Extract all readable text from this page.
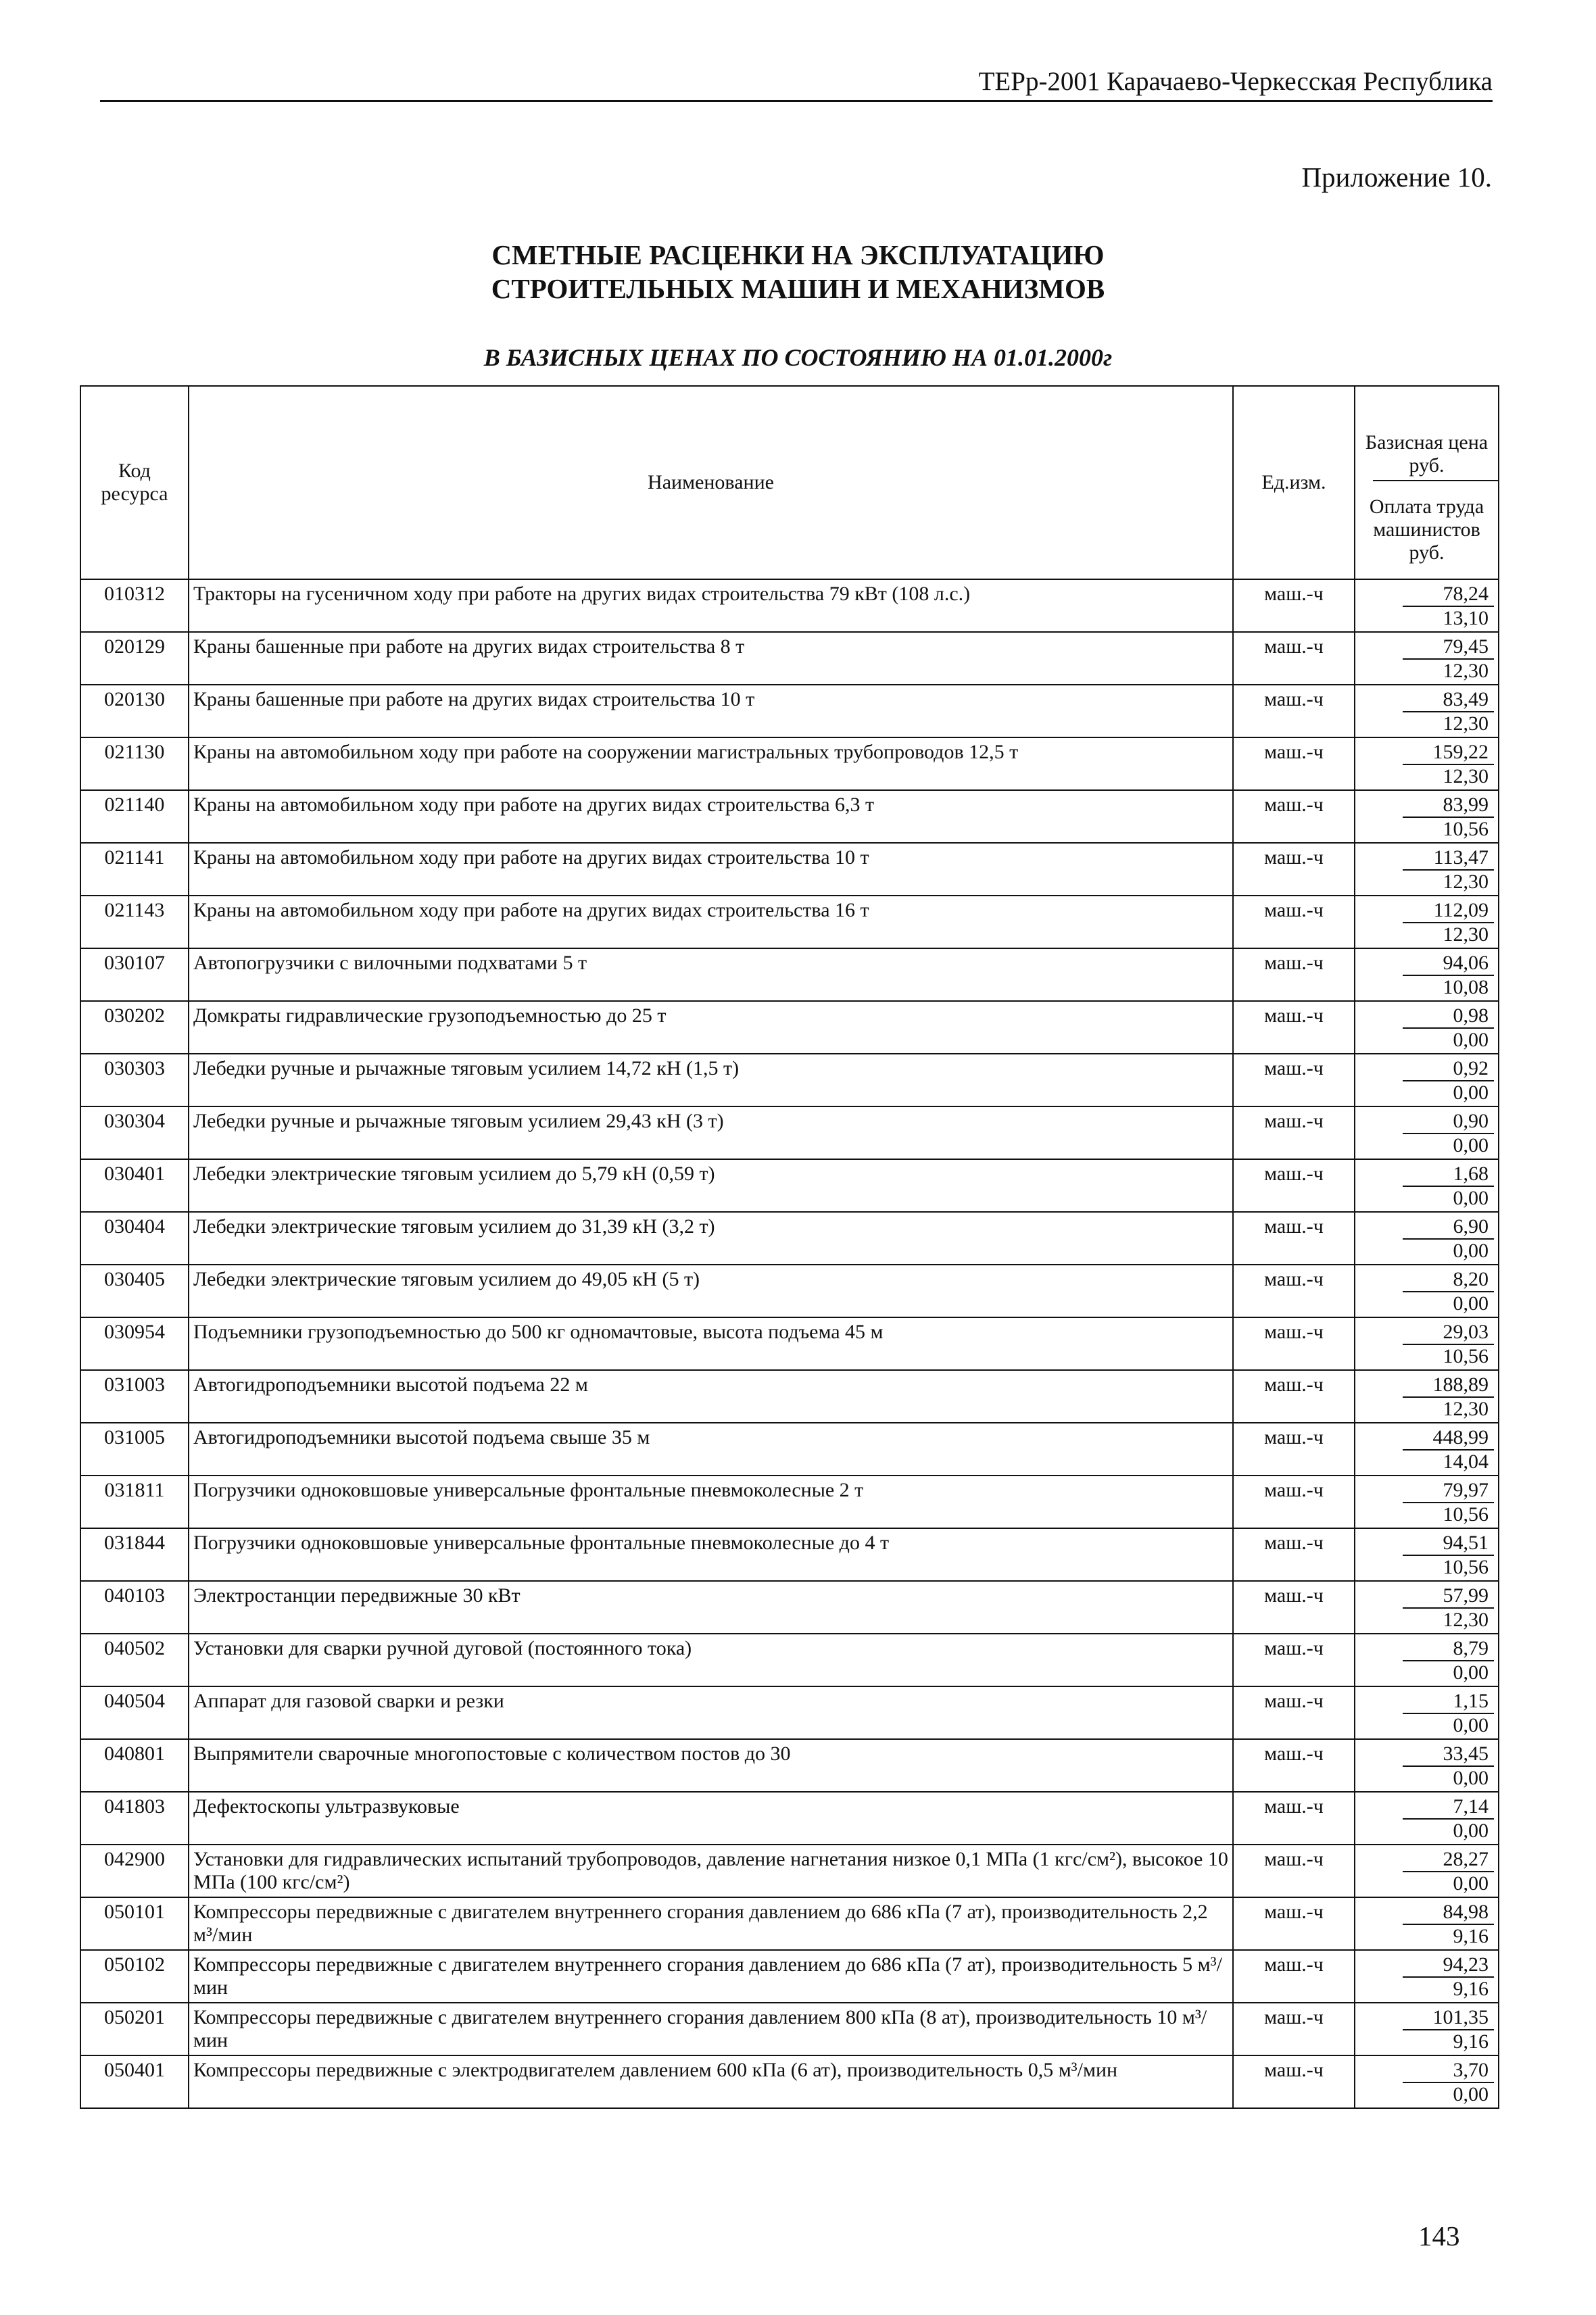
ТЕРр-2001 Карачаево-Черкесская Республика
Приложение 10.
СМЕТНЫЕ РАСЦЕНКИ НА ЭКСПЛУАТАЦИЮ
СТРОИТЕЛЬНЫХ МАШИН И МЕХАНИЗМОВ
В БАЗИСНЫХ ЦЕНАХ ПО СОСТОЯНИЮ НА 01.01.2000г
Код ресурса	Наименование	Ед.изм.	Базисная цена руб.
Оплата труда машинистов руб.

010312	Тракторы на гусеничном ходу при работе на других видах строительства 79 кВт (108 л.с.)	маш.-ч	78,24
13,10

020129	Краны башенные при работе на других видах строительства 8 т	маш.-ч	79,45
12,30

020130	Краны башенные при работе на других видах строительства 10 т	маш.-ч	83,49
12,30

021130	Краны на автомобильном ходу при работе на сооружении магистральных трубопроводов 12,5 т	маш.-ч	159,22
12,30

021140	Краны на автомобильном ходу при работе на других видах строительства 6,3 т	маш.-ч	83,99
10,56

021141	Краны на автомобильном ходу при работе на других видах строительства 10 т	маш.-ч	113,47
12,30

021143	Краны на автомобильном ходу при работе на других видах строительства 16 т	маш.-ч	112,09
12,30

030107	Автопогрузчики с вилочными подхватами 5 т	маш.-ч	94,06
10,08

030202	Домкраты гидравлические грузоподъемностью до 25 т	маш.-ч	0,98
0,00

030303	Лебедки ручные и рычажные тяговым усилием 14,72 кН (1,5 т)	маш.-ч	0,92
0,00

030304	Лебедки ручные и рычажные тяговым усилием 29,43 кН (3 т)	маш.-ч	0,90
0,00

030401	Лебедки электрические тяговым усилием до 5,79 кН (0,59 т)	маш.-ч	1,68
0,00

030404	Лебедки электрические тяговым усилием до 31,39 кН (3,2 т)	маш.-ч	6,90
0,00

030405	Лебедки электрические тяговым усилием до 49,05 кН (5 т)	маш.-ч	8,20
0,00

030954	Подъемники грузоподъемностью до 500 кг одномачтовые, высота подъема 45 м	маш.-ч	29,03
10,56

031003	Автогидроподъемники высотой подъема 22 м	маш.-ч	188,89
12,30

031005	Автогидроподъемники высотой подъема свыше 35 м	маш.-ч	448,99
14,04

031811	Погрузчики одноковшовые универсальные фронтальные пневмоколесные 2 т	маш.-ч	79,97
10,56

031844	Погрузчики одноковшовые универсальные фронтальные пневмоколесные до 4 т	маш.-ч	94,51
10,56

040103	Электростанции передвижные 30 кВт	маш.-ч	57,99
12,30

040502	Установки для сварки ручной дуговой (постоянного тока)	маш.-ч	8,79
0,00

040504	Аппарат для газовой сварки и резки	маш.-ч	1,15
0,00

040801	Выпрямители сварочные многопостовые с количеством постов до 30	маш.-ч	33,45
0,00

041803	Дефектоскопы ультразвуковые	маш.-ч	7,14
0,00

042900	Установки для гидравлических испытаний трубопроводов, давление нагнетания низкое 0,1 МПа (1 кгс/см²), высокое 10 МПа (100 кгс/см²)	маш.-ч	28,27
0,00

050101	Компрессоры передвижные с двигателем внутреннего сгорания давлением до 686 кПа (7 ат), производительность 2,2 м³/мин	маш.-ч	84,98
9,16

050102	Компрессоры передвижные с двигателем внутреннего сгорания давлением до 686 кПа (7 ат), производительность 5 м³/мин	маш.-ч	94,23
9,16

050201	Компрессоры передвижные с двигателем внутреннего сгорания давлением 800 кПа (8 ат), производительность 10 м³/мин	маш.-ч	101,35
9,16

050401	Компрессоры передвижные с электродвигателем давлением 600 кПа (6 ат), производительность 0,5 м³/мин	маш.-ч	3,70
0,00
143
